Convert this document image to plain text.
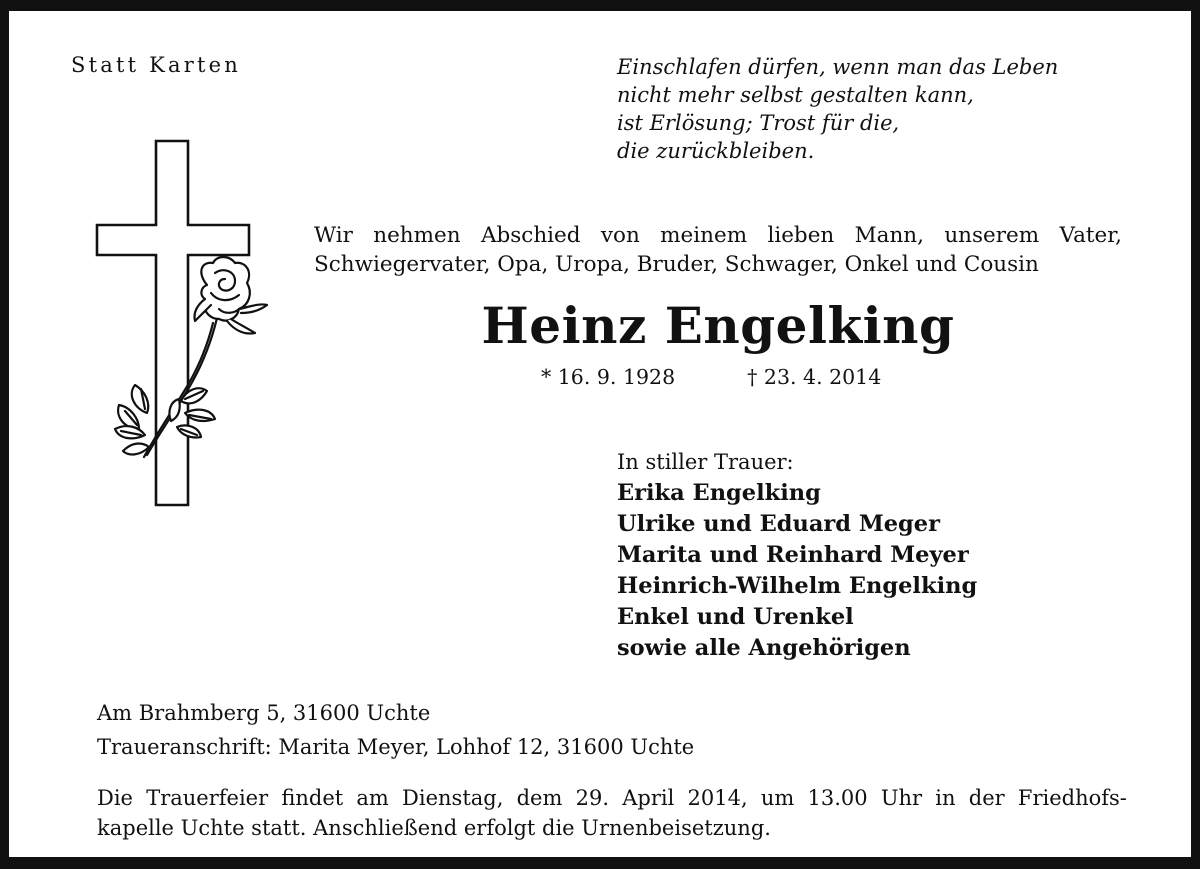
Statt Karten	Einschlafen dürfen, wenn man das Leben
nicht mehr selbst gestalten kann,
ist Erlösung; Trost für die,
die zurückbleiben.
Wir nehmen Abschied von meinem lieben Mann, unserem Vater,
Schwiegervater, Opa, Uropa, Bruder, Schwager, Onkel und Cousin
Heinz Engelking
* 16. 9. 1928	† 23. 4. 2014
In stiller Trauer:
Erika Engelking
Ulrike und Eduard Meger
Marita und Reinhard Meyer
Heinrich-Wilhelm Engelking
Enkel und Urenkel
sowie alle Angehörigen
Am Brahmberg 5, 31600 Uchte
Traueranschrift: Marita Meyer, Lohhof 12, 31600 Uchte
Die Trauerfeier findet am Dienstag, dem 29. April 2014, um 13.00 Uhr in der Friedhofs-
kapelle Uchte statt. Anschließend erfolgt die Urnenbeisetzung.
